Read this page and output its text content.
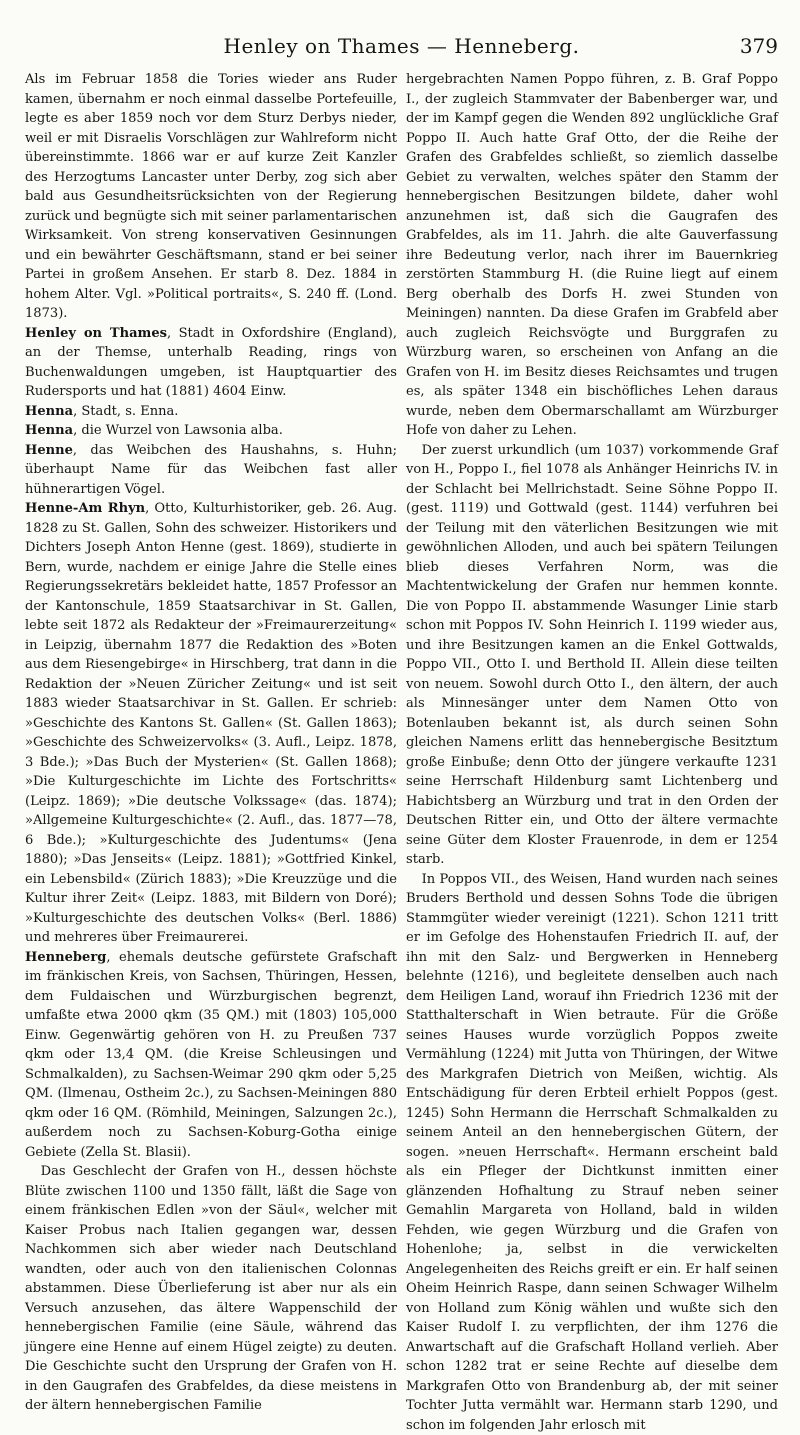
Henley on Thames — Henneberg.	379

Als im Februar 1858 die Tories wieder ans Ruder kamen, übernahm er noch einmal dasselbe Portefeuille, legte es aber 1859 noch vor dem Sturz Derbys nieder, weil er mit Disraelis Vorschlägen zur Wahlreform nicht übereinstimmte. 1866 war er auf kurze Zeit Kanzler des Herzogtums Lancaster unter Derby, zog sich aber bald aus Gesundheitsrücksichten von der Regierung zurück und begnügte sich mit seiner parlamentarischen Wirksamkeit. Von streng konservativen Gesinnungen und ein bewährter Geschäftsmann, stand er bei seiner Partei in großem Ansehen. Er starb 8. Dez. 1884 in hohem Alter. Vgl. »Political portraits«, S. 240 ff. (Lond. 1873).

Henley on Thames, Stadt in Oxfordshire (England), an der Themse, unterhalb Reading, rings von Buchenwaldungen umgeben, ist Hauptquartier des Rudersports und hat (1881) 4604 Einw.

Henna, Stadt, s. Enna.

Henna, die Wurzel von Lawsonia alba.

Henne, das Weibchen des Haushahns, s. Huhn; überhaupt Name für das Weibchen fast aller hühnerartigen Vögel.

Henne-Am Rhyn, Otto, Kulturhistoriker, geb. 26. Aug. 1828 zu St. Gallen, Sohn des schweizer. Historikers und Dichters Joseph Anton Henne (gest. 1869), studierte in Bern, wurde, nachdem er einige Jahre die Stelle eines Regierungssekretärs bekleidet hatte, 1857 Professor an der Kantonschule, 1859 Staatsarchivar in St. Gallen, lebte seit 1872 als Redakteur der »Freimaurerzeitung« in Leipzig, übernahm 1877 die Redaktion des »Boten aus dem Riesengebirge« in Hirschberg, trat dann in die Redaktion der »Neuen Züricher Zeitung« und ist seit 1883 wieder Staatsarchivar in St. Gallen. Er schrieb: »Geschichte des Kantons St. Gallen« (St. Gallen 1863); »Geschichte des Schweizervolks« (3. Aufl., Leipz. 1878, 3 Bde.); »Das Buch der Mysterien« (St. Gallen 1868); »Die Kulturgeschichte im Lichte des Fortschritts« (Leipz. 1869); »Die deutsche Volkssage« (das. 1874); »Allgemeine Kulturgeschichte« (2. Aufl., das. 1877—78, 6 Bde.); »Kulturgeschichte des Judentums« (Jena 1880); »Das Jenseits« (Leipz. 1881); »Gottfried Kinkel, ein Lebensbild« (Zürich 1883); »Die Kreuzzüge und die Kultur ihrer Zeit« (Leipz. 1883, mit Bildern von Doré); »Kulturgeschichte des deutschen Volks« (Berl. 1886) und mehreres über Freimaurerei.

Henneberg, ehemals deutsche gefürstete Grafschaft im fränkischen Kreis, von Sachsen, Thüringen, Hessen, dem Fuldaischen und Würzburgischen begrenzt, umfaßte etwa 2000 qkm (35 QM.) mit (1803) 105,000 Einw. Gegenwärtig gehören von H. zu Preußen 737 qkm oder 13,4 QM. (die Kreise Schleusingen und Schmalkalden), zu Sachsen-Weimar 290 qkm oder 5,25 QM. (Ilmenau, Ostheim 2c.), zu Sachsen-Meiningen 880 qkm oder 16 QM. (Römhild, Meiningen, Salzungen 2c.), außerdem noch zu Sachsen-Koburg-Gotha einige Gebiete (Zella St. Blasii).

Das Geschlecht der Grafen von H., dessen höchste Blüte zwischen 1100 und 1350 fällt, läßt die Sage von einem fränkischen Edlen »von der Säul«, welcher mit Kaiser Probus nach Italien gegangen war, dessen Nachkommen sich aber wieder nach Deutschland wandten, oder auch von den italienischen Colonnas abstammen. Diese Überlieferung ist aber nur als ein Versuch anzusehen, das ältere Wappenschild der hennebergischen Familie (eine Säule, während das jüngere eine Henne auf einem Hügel zeigte) zu deuten. Die Geschichte sucht den Ursprung der Grafen von H. in den Gaugrafen des Grabfeldes, da diese meistens in der ältern hennebergischen Familie

hergebrachten Namen Poppo führen, z. B. Graf Poppo I., der zugleich Stammvater der Babenberger war, und der im Kampf gegen die Wenden 892 unglückliche Graf Poppo II. Auch hatte Graf Otto, der die Reihe der Grafen des Grabfeldes schließt, so ziemlich dasselbe Gebiet zu verwalten, welches später den Stamm der hennebergischen Besitzungen bildete, daher wohl anzunehmen ist, daß sich die Gaugrafen des Grabfeldes, als im 11. Jahrh. die alte Gauverfassung ihre Bedeutung verlor, nach ihrer im Bauernkrieg zerstörten Stammburg H. (die Ruine liegt auf einem Berg oberhalb des Dorfs H. zwei Stunden von Meiningen) nannten. Da diese Grafen im Grabfeld aber auch zugleich Reichsvögte und Burggrafen zu Würzburg waren, so erscheinen von Anfang an die Grafen von H. im Besitz dieses Reichsamtes und trugen es, als später 1348 ein bischöfliches Lehen daraus wurde, neben dem Obermarschallamt am Würzburger Hofe von daher zu Lehen.

Der zuerst urkundlich (um 1037) vorkommende Graf von H., Poppo I., fiel 1078 als Anhänger Heinrichs IV. in der Schlacht bei Mellrichstadt. Seine Söhne Poppo II. (gest. 1119) und Gottwald (gest. 1144) verfuhren bei der Teilung mit den väterlichen Besitzungen wie mit gewöhnlichen Alloden, und auch bei spätern Teilungen blieb dieses Verfahren Norm, was die Machtentwickelung der Grafen nur hemmen konnte. Die von Poppo II. abstammende Wasunger Linie starb schon mit Poppos IV. Sohn Heinrich I. 1199 wieder aus, und ihre Besitzungen kamen an die Enkel Gottwalds, Poppo VII., Otto I. und Berthold II. Allein diese teilten von neuem. Sowohl durch Otto I., den ältern, der auch als Minnesänger unter dem Namen Otto von Botenlauben bekannt ist, als durch seinen Sohn gleichen Namens erlitt das hennebergische Besitztum große Einbuße; denn Otto der jüngere verkaufte 1231 seine Herrschaft Hildenburg samt Lichtenberg und Habichtsberg an Würzburg und trat in den Orden der Deutschen Ritter ein, und Otto der ältere vermachte seine Güter dem Kloster Frauenrode, in dem er 1254 starb.

In Poppos VII., des Weisen, Hand wurden nach seines Bruders Berthold und dessen Sohns Tode die übrigen Stammgüter wieder vereinigt (1221). Schon 1211 tritt er im Gefolge des Hohenstaufen Friedrich II. auf, der ihn mit den Salz- und Bergwerken in Henneberg belehnte (1216), und begleitete denselben auch nach dem Heiligen Land, worauf ihn Friedrich 1236 mit der Statthalterschaft in Wien betraute. Für die Größe seines Hauses wurde vorzüglich Poppos zweite Vermählung (1224) mit Jutta von Thüringen, der Witwe des Markgrafen Dietrich von Meißen, wichtig. Als Entschädigung für deren Erbteil erhielt Poppos (gest. 1245) Sohn Hermann die Herrschaft Schmalkalden zu seinem Anteil an den hennebergischen Gütern, der sogen. »neuen Herrschaft«. Hermann erscheint bald als ein Pfleger der Dichtkunst inmitten einer glänzenden Hofhaltung zu Strauf neben seiner Gemahlin Margareta von Holland, bald in wilden Fehden, wie gegen Würzburg und die Grafen von Hohenlohe; ja, selbst in die verwickelten Angelegenheiten des Reichs greift er ein. Er half seinen Oheim Heinrich Raspe, dann seinen Schwager Wilhelm von Holland zum König wählen und wußte sich den Kaiser Rudolf I. zu verpflichten, der ihm 1276 die Anwartschaft auf die Grafschaft Holland verlieh. Aber schon 1282 trat er seine Rechte auf dieselbe dem Markgrafen Otto von Brandenburg ab, der mit seiner Tochter Jutta vermählt war. Hermann starb 1290, und schon im folgenden Jahr erlosch mit
